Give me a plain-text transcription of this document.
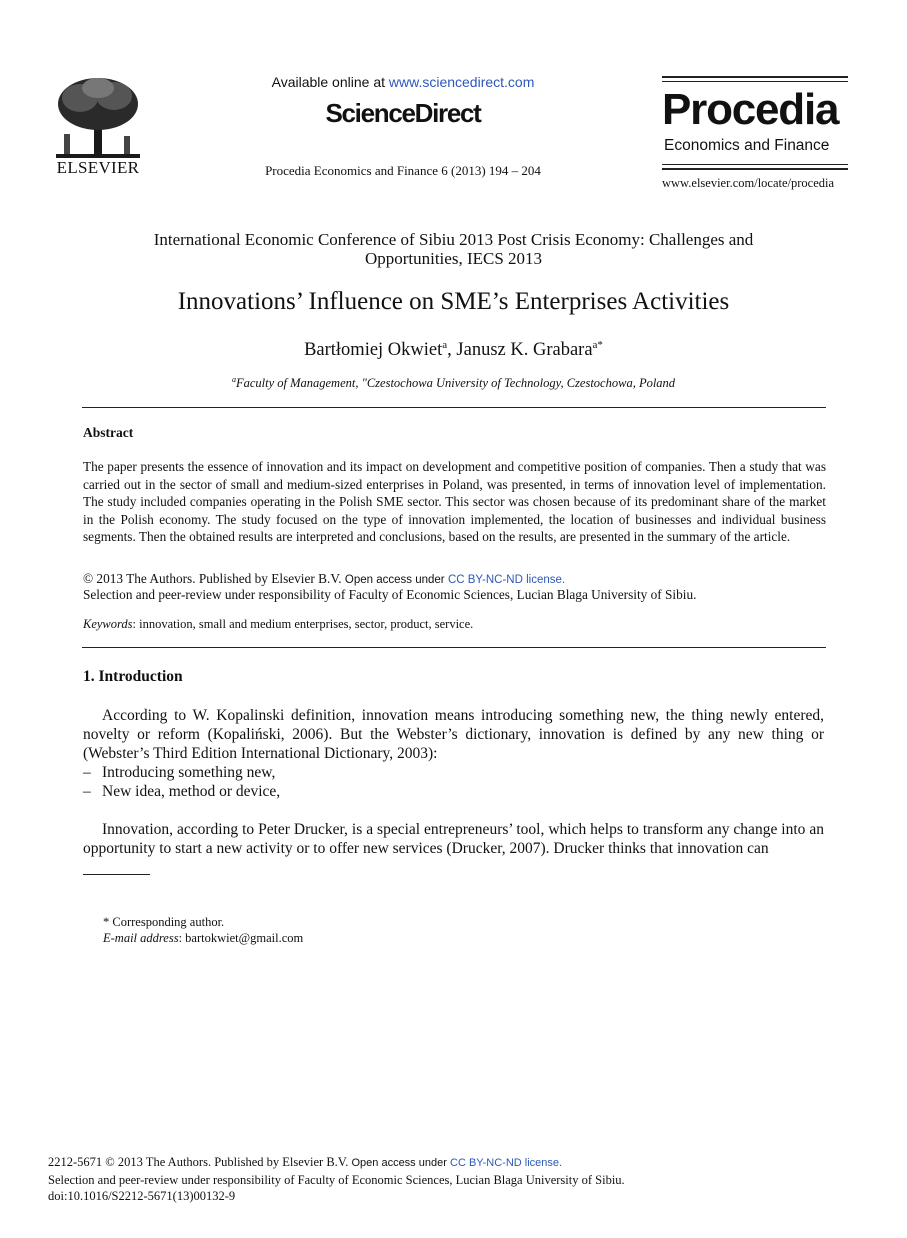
ELSEVIER
Available online at www.sciencedirect.com
ScienceDirect
Procedia Economics and Finance 6 (2013) 194 – 204
Procedia
Economics and Finance
www.elsevier.com/locate/procedia
International Economic Conference of Sibiu 2013 Post Crisis Economy: Challenges and Opportunities, IECS 2013
Innovations’ Influence on SME’s Enterprises Activities
Bartłomiej Okwiet$^a$, Janusz K. Grabara$^{a*}$
$^a$Faculty of Management, "Czestochowa University of Technology, Czestochowa, Poland
Abstract
The paper presents the essence of innovation and its impact on development and competitive position of companies. Then a study that was carried out in the sector of small and medium-sized enterprises in Poland, was presented, in terms of innovation level of implementation. The study included companies operating in the Polish SME sector. This sector was chosen because of its predominant share of the market in the Polish economy. The study focused on the type of innovation implemented, the location of businesses and individual business segments. Then the obtained results are interpreted and conclusions, based on the results, are presented in the summary of the article.
© 2013 The Authors. Published by Elsevier B.V. Open access under CC BY-NC-ND license.
Selection and peer-review under responsibility of Faculty of Economic Sciences, Lucian Blaga University of Sibiu.
Keywords: innovation, small and medium enterprises, sector, product, service.
1. Introduction
According to W. Kopalinski definition, innovation means introducing something new, the thing newly entered, novelty or reform (Kopaliński, 2006). But the Webster’s dictionary, innovation is defined by any new thing or (Webster’s Third Edition International Dictionary, 2003):
– Introducing something new,
– New idea, method or device,
Innovation, according to Peter Drucker, is a special entrepreneurs’ tool, which helps to transform any change into an opportunity to start a new activity or to offer new services (Drucker, 2007). Drucker thinks that innovation can
* Corresponding author.
E-mail address: bartokwiet@gmail.com
2212-5671 © 2013 The Authors. Published by Elsevier B.V. Open access under CC BY-NC-ND license.
Selection and peer-review under responsibility of Faculty of Economic Sciences, Lucian Blaga University of Sibiu.
doi:10.1016/S2212-5671(13)00132-9
